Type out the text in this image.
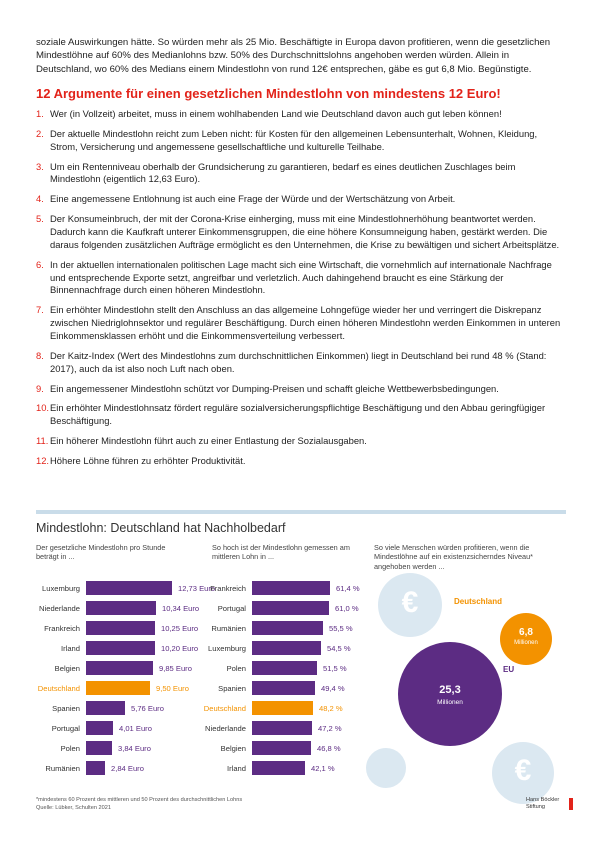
soziale Auswirkungen hätte. So würden mehr als 25 Mio. Beschäftigte in Europa davon profitieren, wenn die gesetzlichen Mindestlöhne auf 60% des Medianlohns bzw. 50% des Durchschnittslohns angehoben werden würden. Allein in Deutschland, wo 60% des Medians einem Mindestlohn von rund 12€ entsprechen, gäbe es gut 6,8 Mio. Begünstigte.

12 Argumente für einen gesetzlichen Mindestlohn von mindestens 12 Euro!
1. Wer (in Vollzeit) arbeitet, muss in einem wohlhabenden Land wie Deutschland davon auch gut leben können!
2. Der aktuelle Mindestlohn reicht zum Leben nicht: für Kosten für den allgemeinen Lebensunterhalt, Wohnen, Kleidung, Strom, Versicherung und angemessene gesellschaftliche und kulturelle Teilhabe.
3. Um ein Rentenniveau oberhalb der Grundsicherung zu garantieren, bedarf es eines deutlichen Zuschlages beim Mindestlohn (eigentlich 12,63 Euro).
4. Eine angemessene Entlohnung ist auch eine Frage der Würde und der Wertschätzung von Arbeit.
5. Der Konsumeinbruch, der mit der Corona-Krise einherging, muss mit eine Mindestlohnerhöhung beantwortet werden. Dadurch kann die Kaufkraft unterer Einkommensgruppen, die eine höhere Konsumneigung haben, gestärkt werden. Die daraus folgenden zusätzlichen Aufträge ermöglicht es den Unternehmen, die Krise zu bewältigen und sichert Arbeitsplätze.
6. In der aktuellen internationalen politischen Lage macht sich eine Wirtschaft, die vornehmlich auf internationale Nachfrage und entsprechende Exporte setzt, angreifbar und verletzlich. Auch dahingehend braucht es eine Stärkung der Binnennachfrage durch einen höheren Mindestlohn.
7. Ein erhöhter Mindestlohn stellt den Anschluss an das allgemeine Lohngefüge wieder her und verringert die Diskrepanz zwischen Niedriglohnsektor und regulärer Beschäftigung. Durch einen höheren Mindestlohn werden Einkommen in unteren Einkommensklassen erhöht und die Einkommensverteilung verbessert.
8. Der Kaitz-Index (Wert des Mindestlohns zum durchschnittlichen Einkommen) liegt in Deutschland bei rund 48 % (Stand: 2017), auch da ist also noch Luft nach oben.
9. Ein angemessener Mindestlohn schützt vor Dumping-Preisen und schafft gleiche Wettbewerbsbedingungen.
10. Ein erhöhter Mindestlohnsatz fördert reguläre sozialversicherungspflichtige Beschäftigung und den Abbau geringfügiger Beschäftigung.
11. Ein höherer Mindestlohn führt auch zu einer Entlastung der Sozialausgaben.
12. Höhere Löhne führen zu erhöhter Produktivität.
Mindestlohn: Deutschland hat Nachholbedarf
Der gesetzliche Mindestlohn pro Stunde beträgt in ...
So hoch ist der Mindestlohn gemessen am mittleren Lohn in ...
So viele Menschen würden profitieren, wenn die Mindestlöhne auf ein existenzsicherndes Niveau* angehoben werden ...
Luxemburg	12,73 Euro
Niederlande	10,34 Euro
Frankreich	10,25 Euro
Irland	10,20 Euro
Belgien	9,85 Euro
Deutschland	9,50 Euro
Spanien	5,76 Euro
Portugal	4,01 Euro
Polen	3,84 Euro
Rumänien	2,84 Euro
Frankreich	61,4 %
Portugal	61,0 %
Rumänien	55,5 %
Luxemburg	54,5 %
Polen	51,5 %
Spanien	49,4 %
Deutschland	48,2 %
Niederlande	47,2 %
Belgien	46,8 %
Irland	42,1 %
€	Deutschland
6,8
Millionen
EU
25,3
Millionen
€
*mindestens 60 Prozent des mittleren und 50 Prozent des durchschnittlichen Lohns
Quelle: Lübker, Schulten 2021
Hans Böckler
Stiftung
